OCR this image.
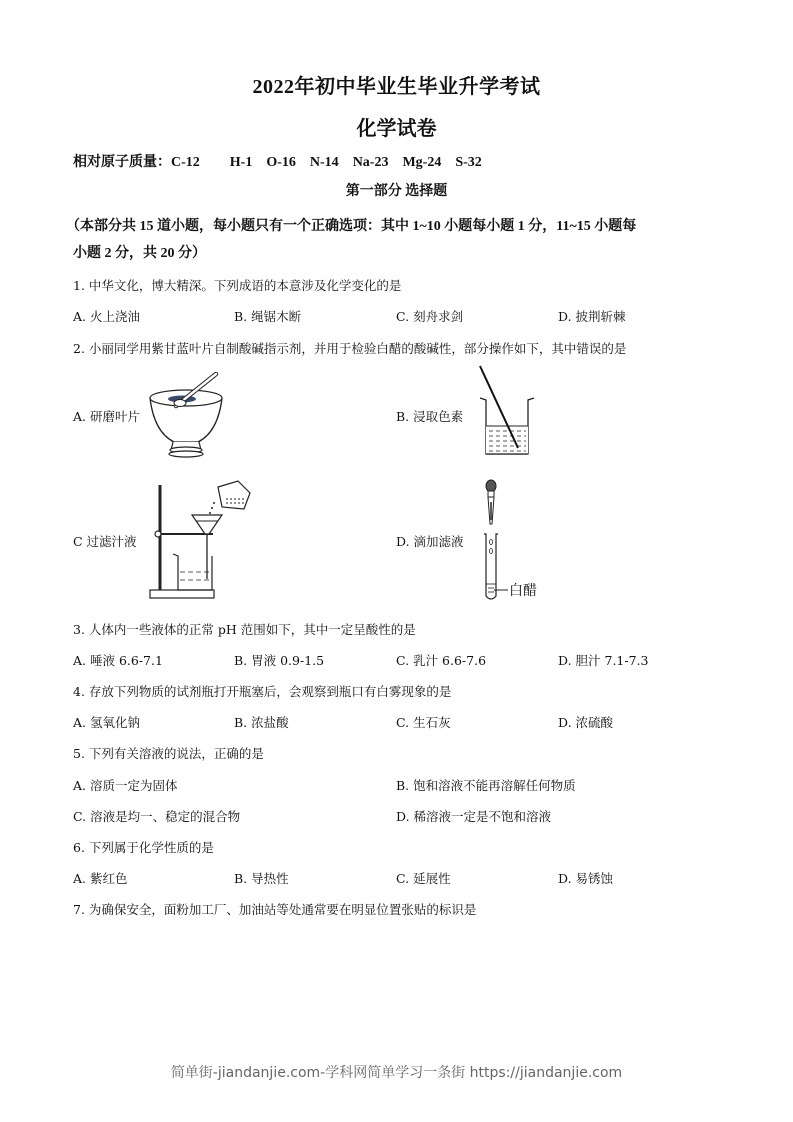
2022年初中毕业生毕业升学考试
化学试卷
相对原子质量：C-12 H-1 O-16 N-14 Na-23 Mg-24 S-32
第一部分 选择题
（本部分共 15 道小题，每小题只有一个正确选项：其中 1~10 小题每小题 1 分，11~15 小题每
小题 2 分，共 20 分）
1. 中华文化，博大精深。下列成语的本意涉及化学变化的是
A. 火上浇油	B. 绳锯木断	C. 刻舟求剑	D. 披荆斩棘
2. 小丽同学用紫甘蓝叶片自制酸碱指示剂，并用于检验白醋的酸碱性，部分操作如下，其中错误的是
A. 研磨叶片	B. 浸取色素
C 过滤汁液	D. 滴加滤液
白醋
3. 人体内一些液体的正常 pH 范围如下，其中一定呈酸性的是
A. 唾液 6.6-7.1	B. 胃液 0.9-1.5	C. 乳汁 6.6-7.6	D. 胆汁 7.1-7.3
4. 存放下列物质的试剂瓶打开瓶塞后，会观察到瓶口有白雾现象的是
A. 氢氧化钠	B. 浓盐酸	C. 生石灰	D. 浓硫酸
5. 下列有关溶液的说法，正确的是
A. 溶质一定为固体	B. 饱和溶液不能再溶解任何物质
C. 溶液是均一、稳定的混合物	D. 稀溶液一定是不饱和溶液
6. 下列属于化学性质的是
A. 紫红色	B. 导热性	C. 延展性	D. 易锈蚀
7. 为确保安全，面粉加工厂、加油站等处通常要在明显位置张贴的标识是
简单街-jiandanjie.com-学科网简单学习一条街 https://jiandanjie.com
